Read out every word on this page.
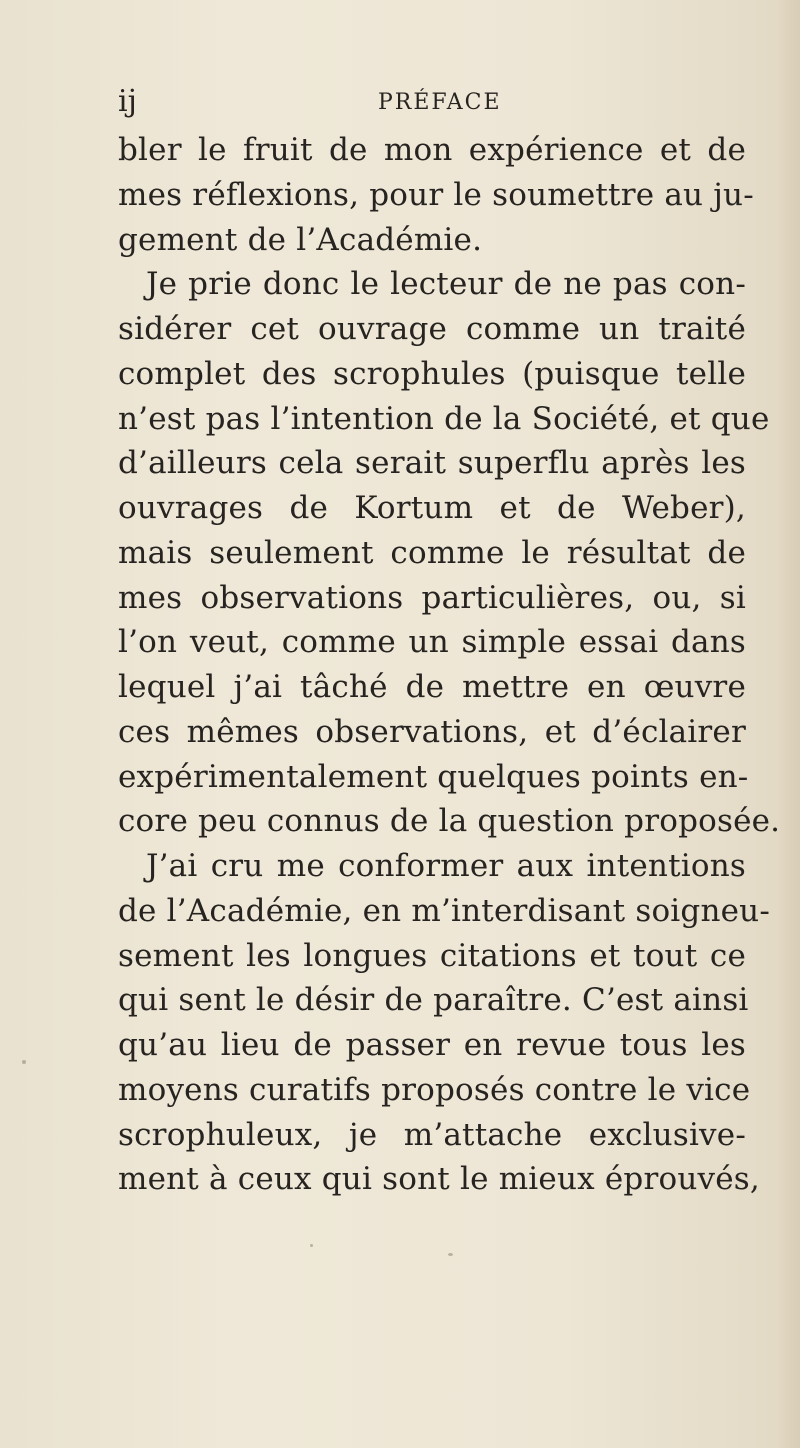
ij	PRÉFACE
bler le fruit de mon expérience et de
mes réflexions, pour le soumettre au ju-
gement de l’Académie.
Je prie donc le lecteur de ne pas con-
sidérer cet ouvrage comme un traité
complet des scrophules (puisque telle
n’est pas l’intention de la Société, et que
d’ailleurs cela serait superflu après les
ouvrages de Kortum et de Weber),
mais seulement comme le résultat de
mes observations particulières, ou, si
l’on veut, comme un simple essai dans
lequel j’ai tâché de mettre en œuvre
ces mêmes observations, et d’éclairer
expérimentalement quelques points en-
core peu connus de la question proposée.
J’ai cru me conformer aux intentions
de l’Académie, en m’interdisant soigneu-
sement les longues citations et tout ce
qui sent le désir de paraître. C’est ainsi
qu’au lieu de passer en revue tous les
moyens curatifs proposés contre le vice
scrophuleux, je m’attache exclusive-
ment à ceux qui sont le mieux éprouvés,
